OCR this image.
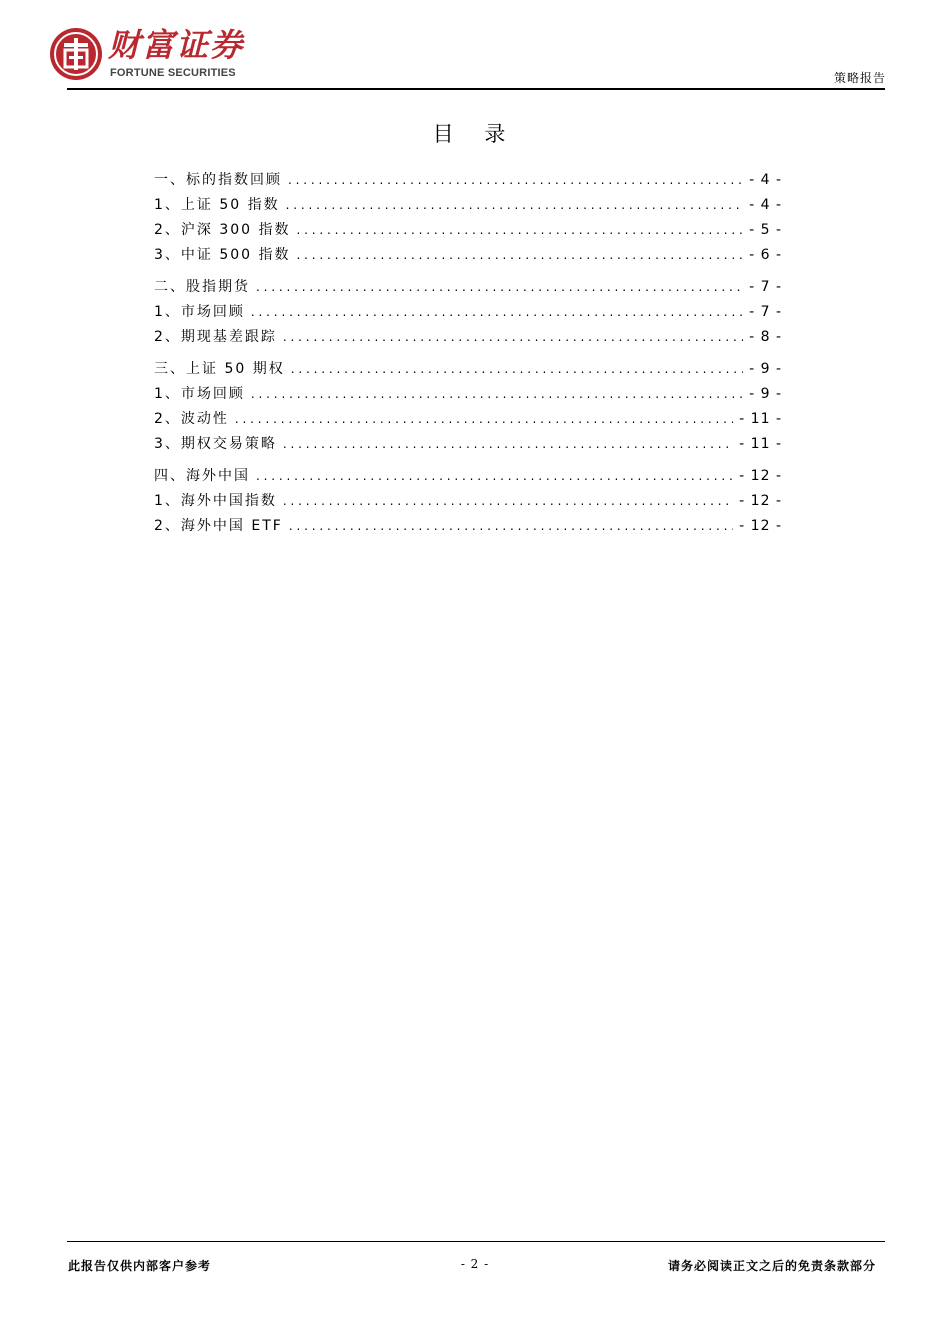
财富证券
FORTUNE SECURITIES	策略报告
目 录
一、标的指数回顾 . . .	- 4 -
1、上证 50 指数 . . .	- 4 -
2、沪深 300 指数 . . .	- 5 -
3、中证 500 指数 . . .	- 6 -
二、股指期货 . . .	- 7 -
1、市场回顾 . . .	- 7 -
2、期现基差跟踪 . . .	- 8 -
三、上证 50 期权 . . .	- 9 -
1、市场回顾 . . .	- 9 -
2、波动性 . . .	- 11 -
3、期权交易策略 . . .	- 11 -
四、海外中国 . . .	- 12 -
1、海外中国指数 . . .	- 12 -
2、海外中国 ETF . . .	- 12 -
此报告仅供内部客户参考	- 2 -	请务必阅读正文之后的免责条款部分
